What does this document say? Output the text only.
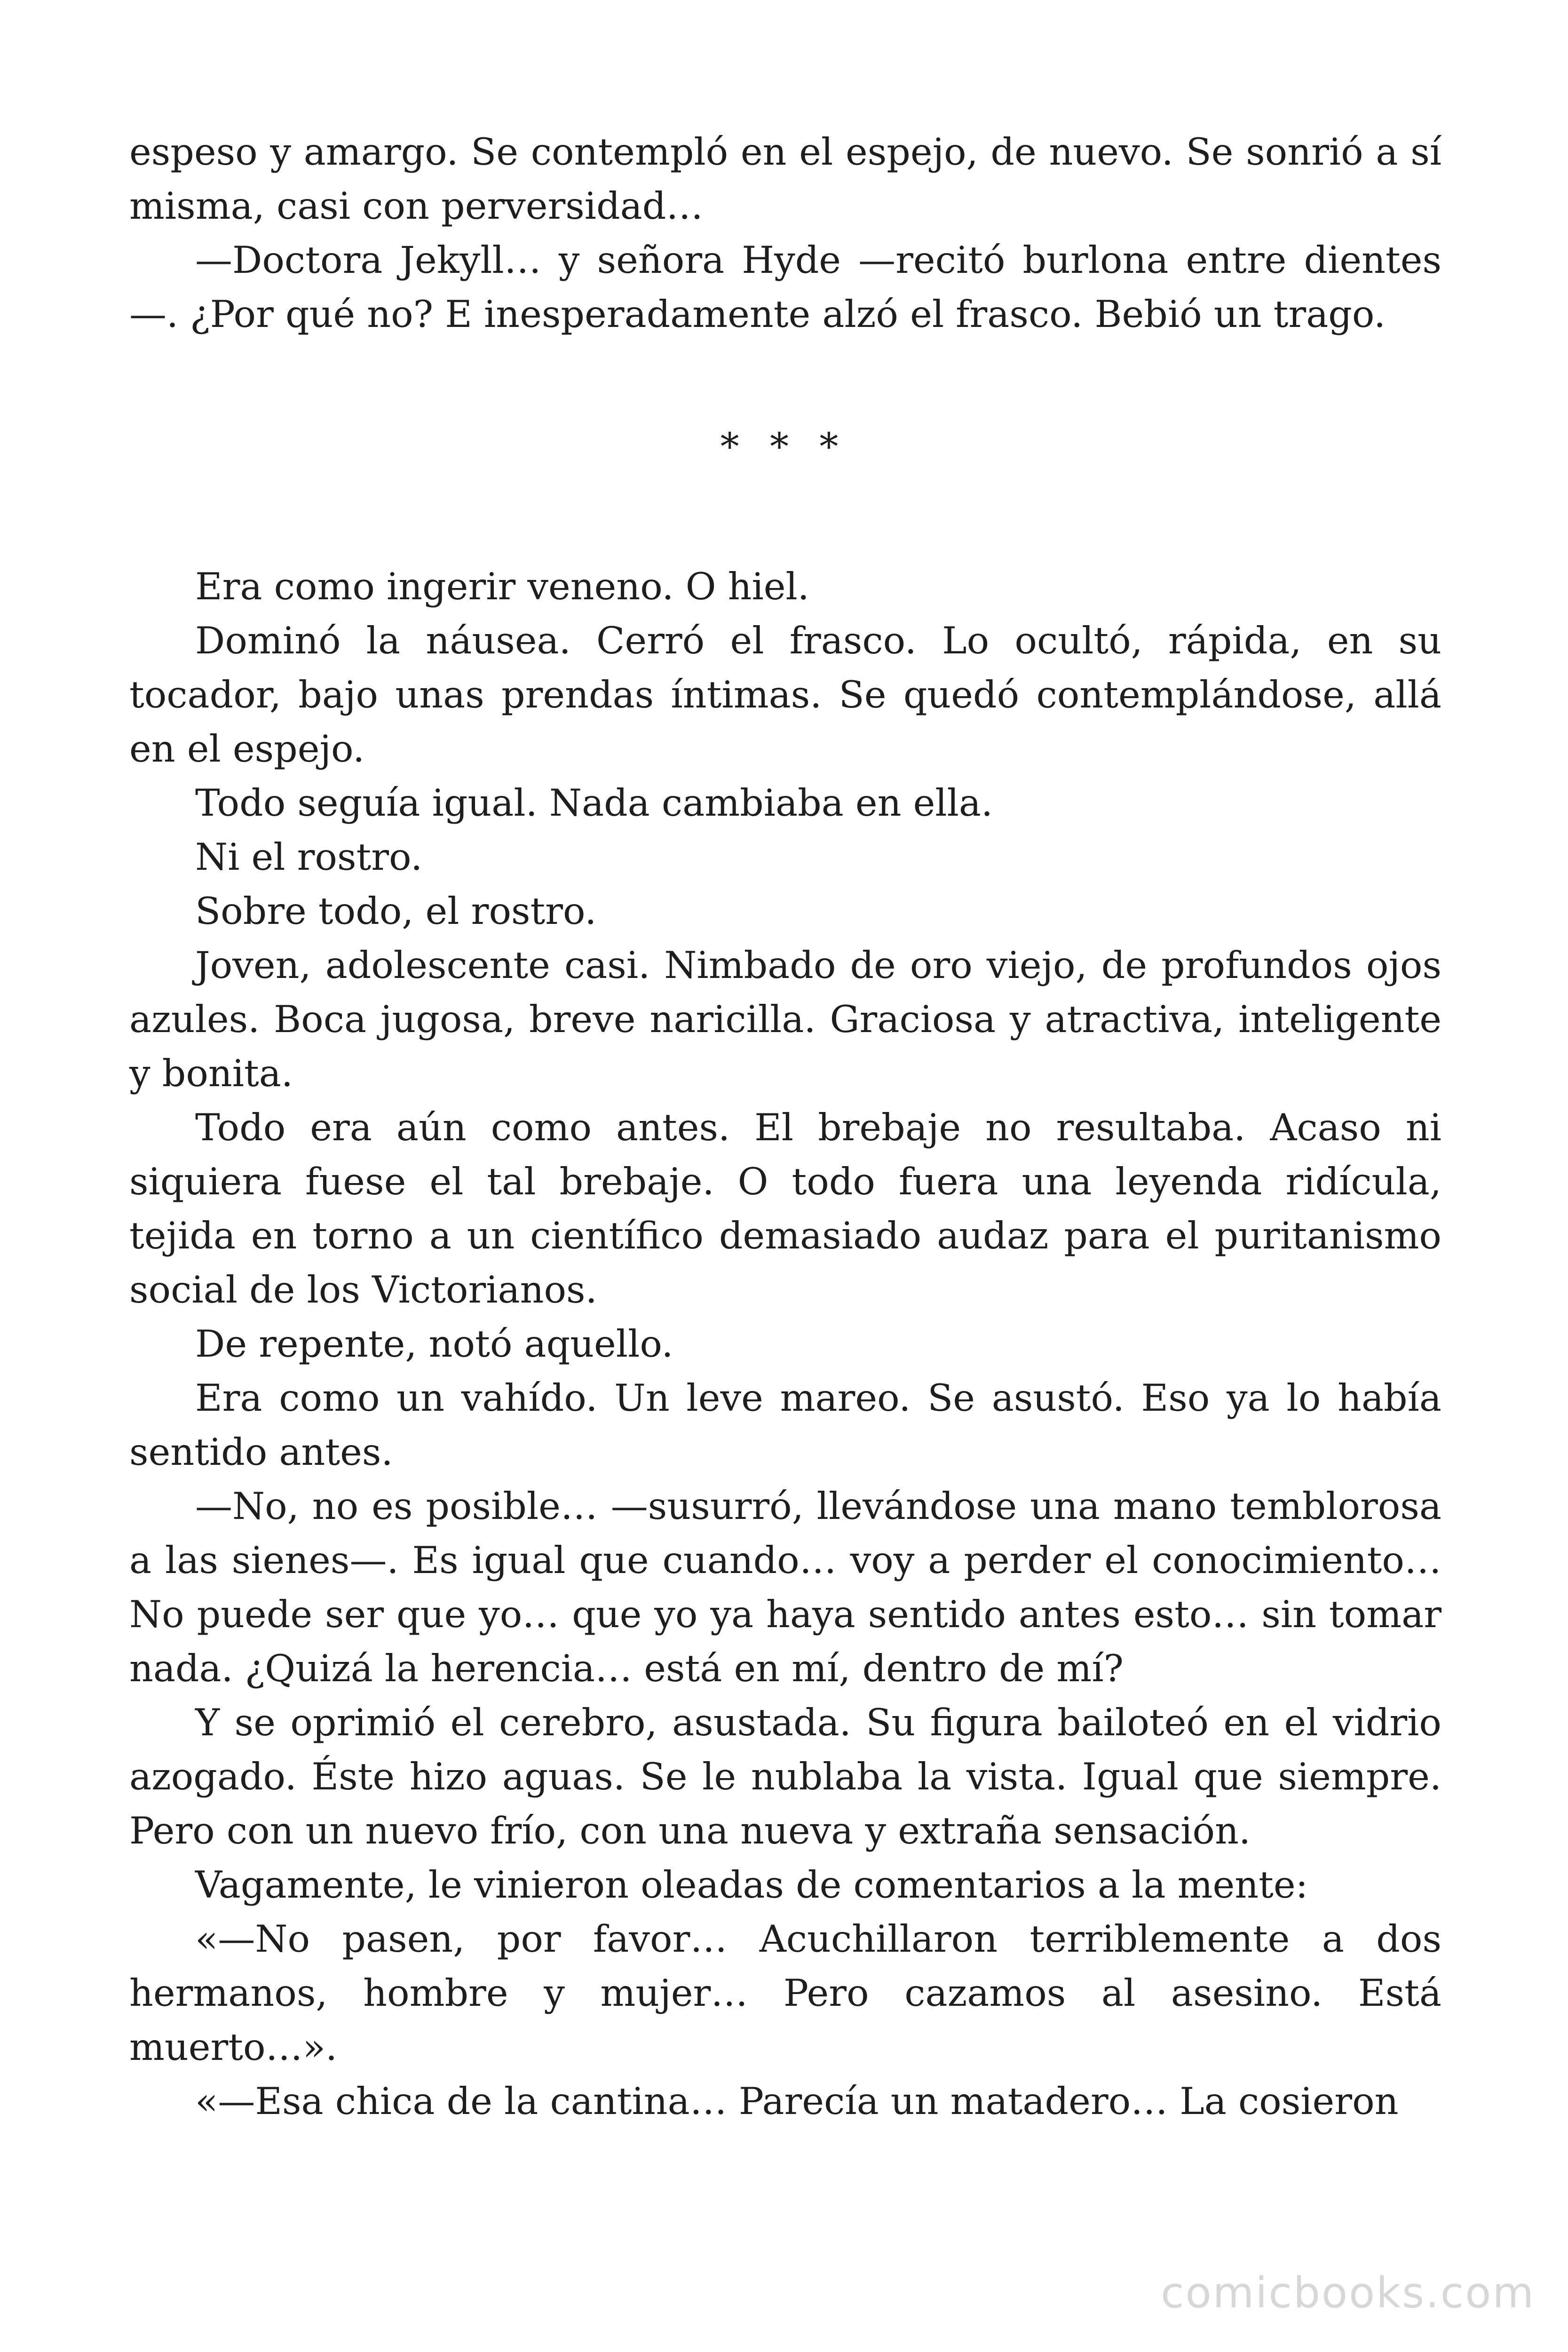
espeso y amargo. Se contempló en el espejo, de nuevo. Se sonrió a sí misma, casi con perversidad…

—Doctora Jekyll… y señora Hyde —recitó burlona entre dientes —. ¿Por qué no? E inesperadamente alzó el frasco. Bebió un trago.

* * *

Era como ingerir veneno. O hiel.

Dominó la náusea. Cerró el frasco. Lo ocultó, rápida, en su tocador, bajo unas prendas íntimas. Se quedó contemplándose, allá en el espejo.

Todo seguía igual. Nada cambiaba en ella.

Ni el rostro.

Sobre todo, el rostro.

Joven, adolescente casi. Nimbado de oro viejo, de profundos ojos azules. Boca jugosa, breve naricilla. Graciosa y atractiva, inteligente y bonita.

Todo era aún como antes. El brebaje no resultaba. Acaso ni siquiera fuese el tal brebaje. O todo fuera una leyenda ridícula, tejida en torno a un científico demasiado audaz para el puritanismo social de los Victorianos.

De repente, notó aquello.

Era como un vahído. Un leve mareo. Se asustó. Eso ya lo había sentido antes.

—No, no es posible… —susurró, llevándose una mano temblorosa a las sienes—. Es igual que cuando… voy a perder el conocimiento… No puede ser que yo… que yo ya haya sentido antes esto… sin tomar nada. ¿Quizá la herencia… está en mí, dentro de mí?

Y se oprimió el cerebro, asustada. Su figura bailoteó en el vidrio azogado. Éste hizo aguas. Se le nublaba la vista. Igual que siempre. Pero con un nuevo frío, con una nueva y extraña sensación.

Vagamente, le vinieron oleadas de comentarios a la mente:

«—No pasen, por favor… Acuchillaron terriblemente a dos hermanos, hombre y mujer… Pero cazamos al asesino. Está muerto…».

«—Esa chica de la cantina… Parecía un matadero… La cosieron

comicbooks.com
